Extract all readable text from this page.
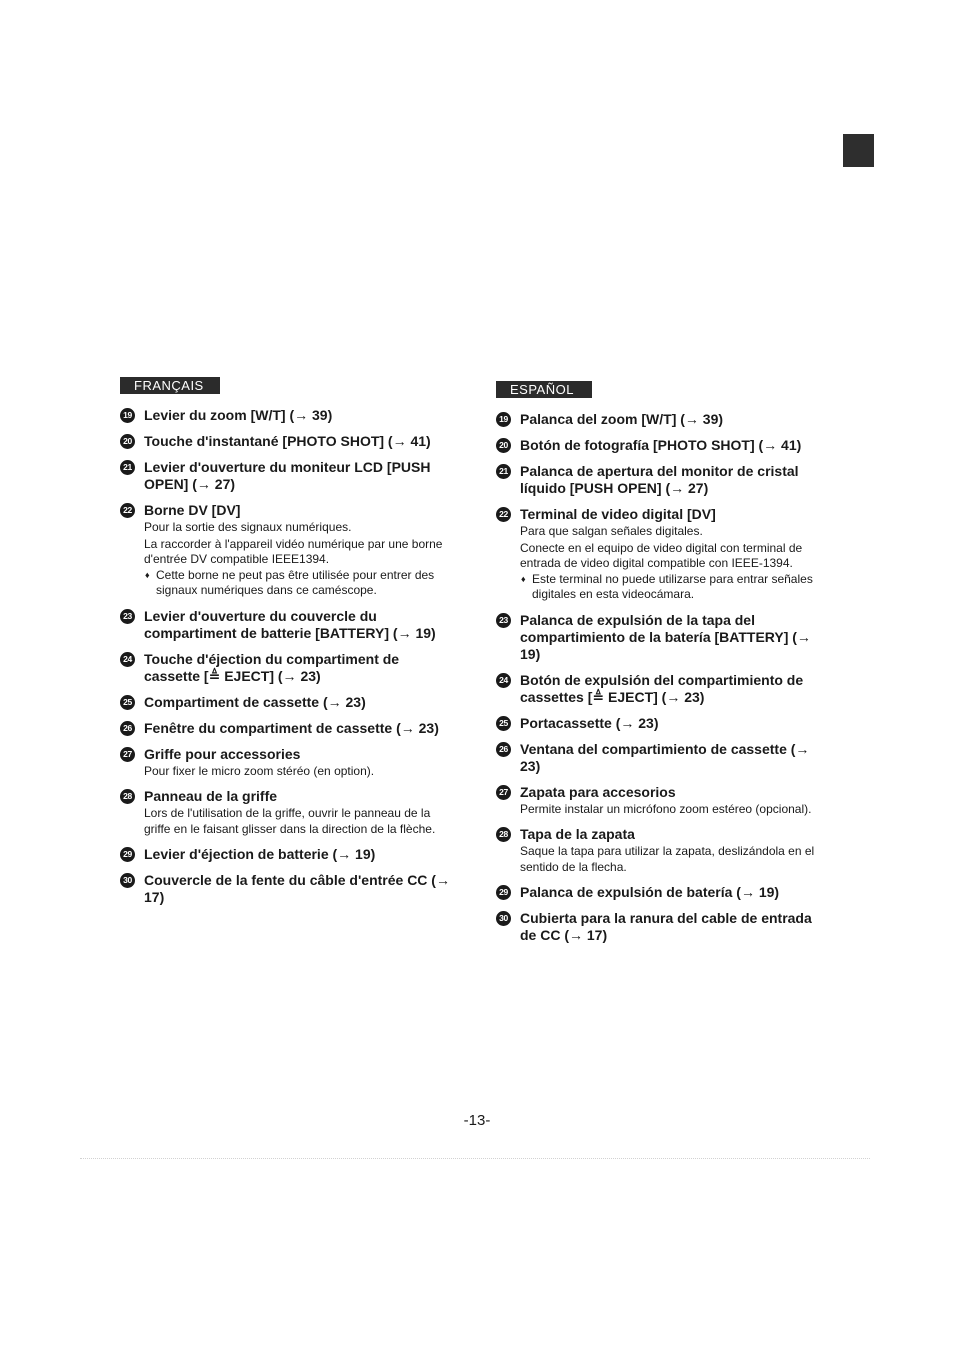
FRANÇAIS
19 Levier du zoom [W/T] (→ 39)
20 Touche d'instantané [PHOTO SHOT] (→ 41)
21 Levier d'ouverture du moniteur LCD [PUSH OPEN] (→ 27)
22 Borne DV [DV]
Pour la sortie des signaux numériques.
La raccorder à l'appareil vidéo numérique par une borne d'entrée DV compatible IEEE1394.
♦ Cette borne ne peut pas être utilisée pour entrer des signaux numériques dans ce caméscope.
23 Levier d'ouverture du couvercle du compartiment de batterie [BATTERY] (→ 19)
24 Touche d'éjection du compartiment de cassette [≜ EJECT] (→ 23)
25 Compartiment de cassette (→ 23)
26 Fenêtre du compartiment de cassette (→ 23)
27 Griffe pour accessories
Pour fixer le micro zoom stéréo (en option).
28 Panneau de la griffe
Lors de l'utilisation de la griffe, ouvrir le panneau de la griffe en le faisant glisser dans la direction de la flèche.
29 Levier d'éjection de batterie (→ 19)
30 Couvercle de la fente du câble d'entrée CC (→ 17)
ESPAÑOL
19 Palanca del zoom [W/T] (→ 39)
20 Botón de fotografía [PHOTO SHOT] (→ 41)
21 Palanca de apertura del monitor de cristal líquido [PUSH OPEN] (→ 27)
22 Terminal de video digital [DV]
Para que salgan señales digitales.
Conecte en el equipo de video digital con terminal de entrada de video digital compatible con IEEE-1394.
♦ Este terminal no puede utilizarse para entrar señales digitales en esta videocámara.
23 Palanca de expulsión de la tapa del compartimiento de la batería [BATTERY] (→ 19)
24 Botón de expulsión del compartimiento de cassettes [≜ EJECT] (→ 23)
25 Portacassette (→ 23)
26 Ventana del compartimiento de cassette (→ 23)
27 Zapata para accesorios
Permite instalar un micrófono zoom estéreo (opcional).
28 Tapa de la zapata
Saque la tapa para utilizar la zapata, deslizándola en el sentido de la flecha.
29 Palanca de expulsión de batería (→ 19)
30 Cubierta para la ranura del cable de entrada de CC (→ 17)
-13-
